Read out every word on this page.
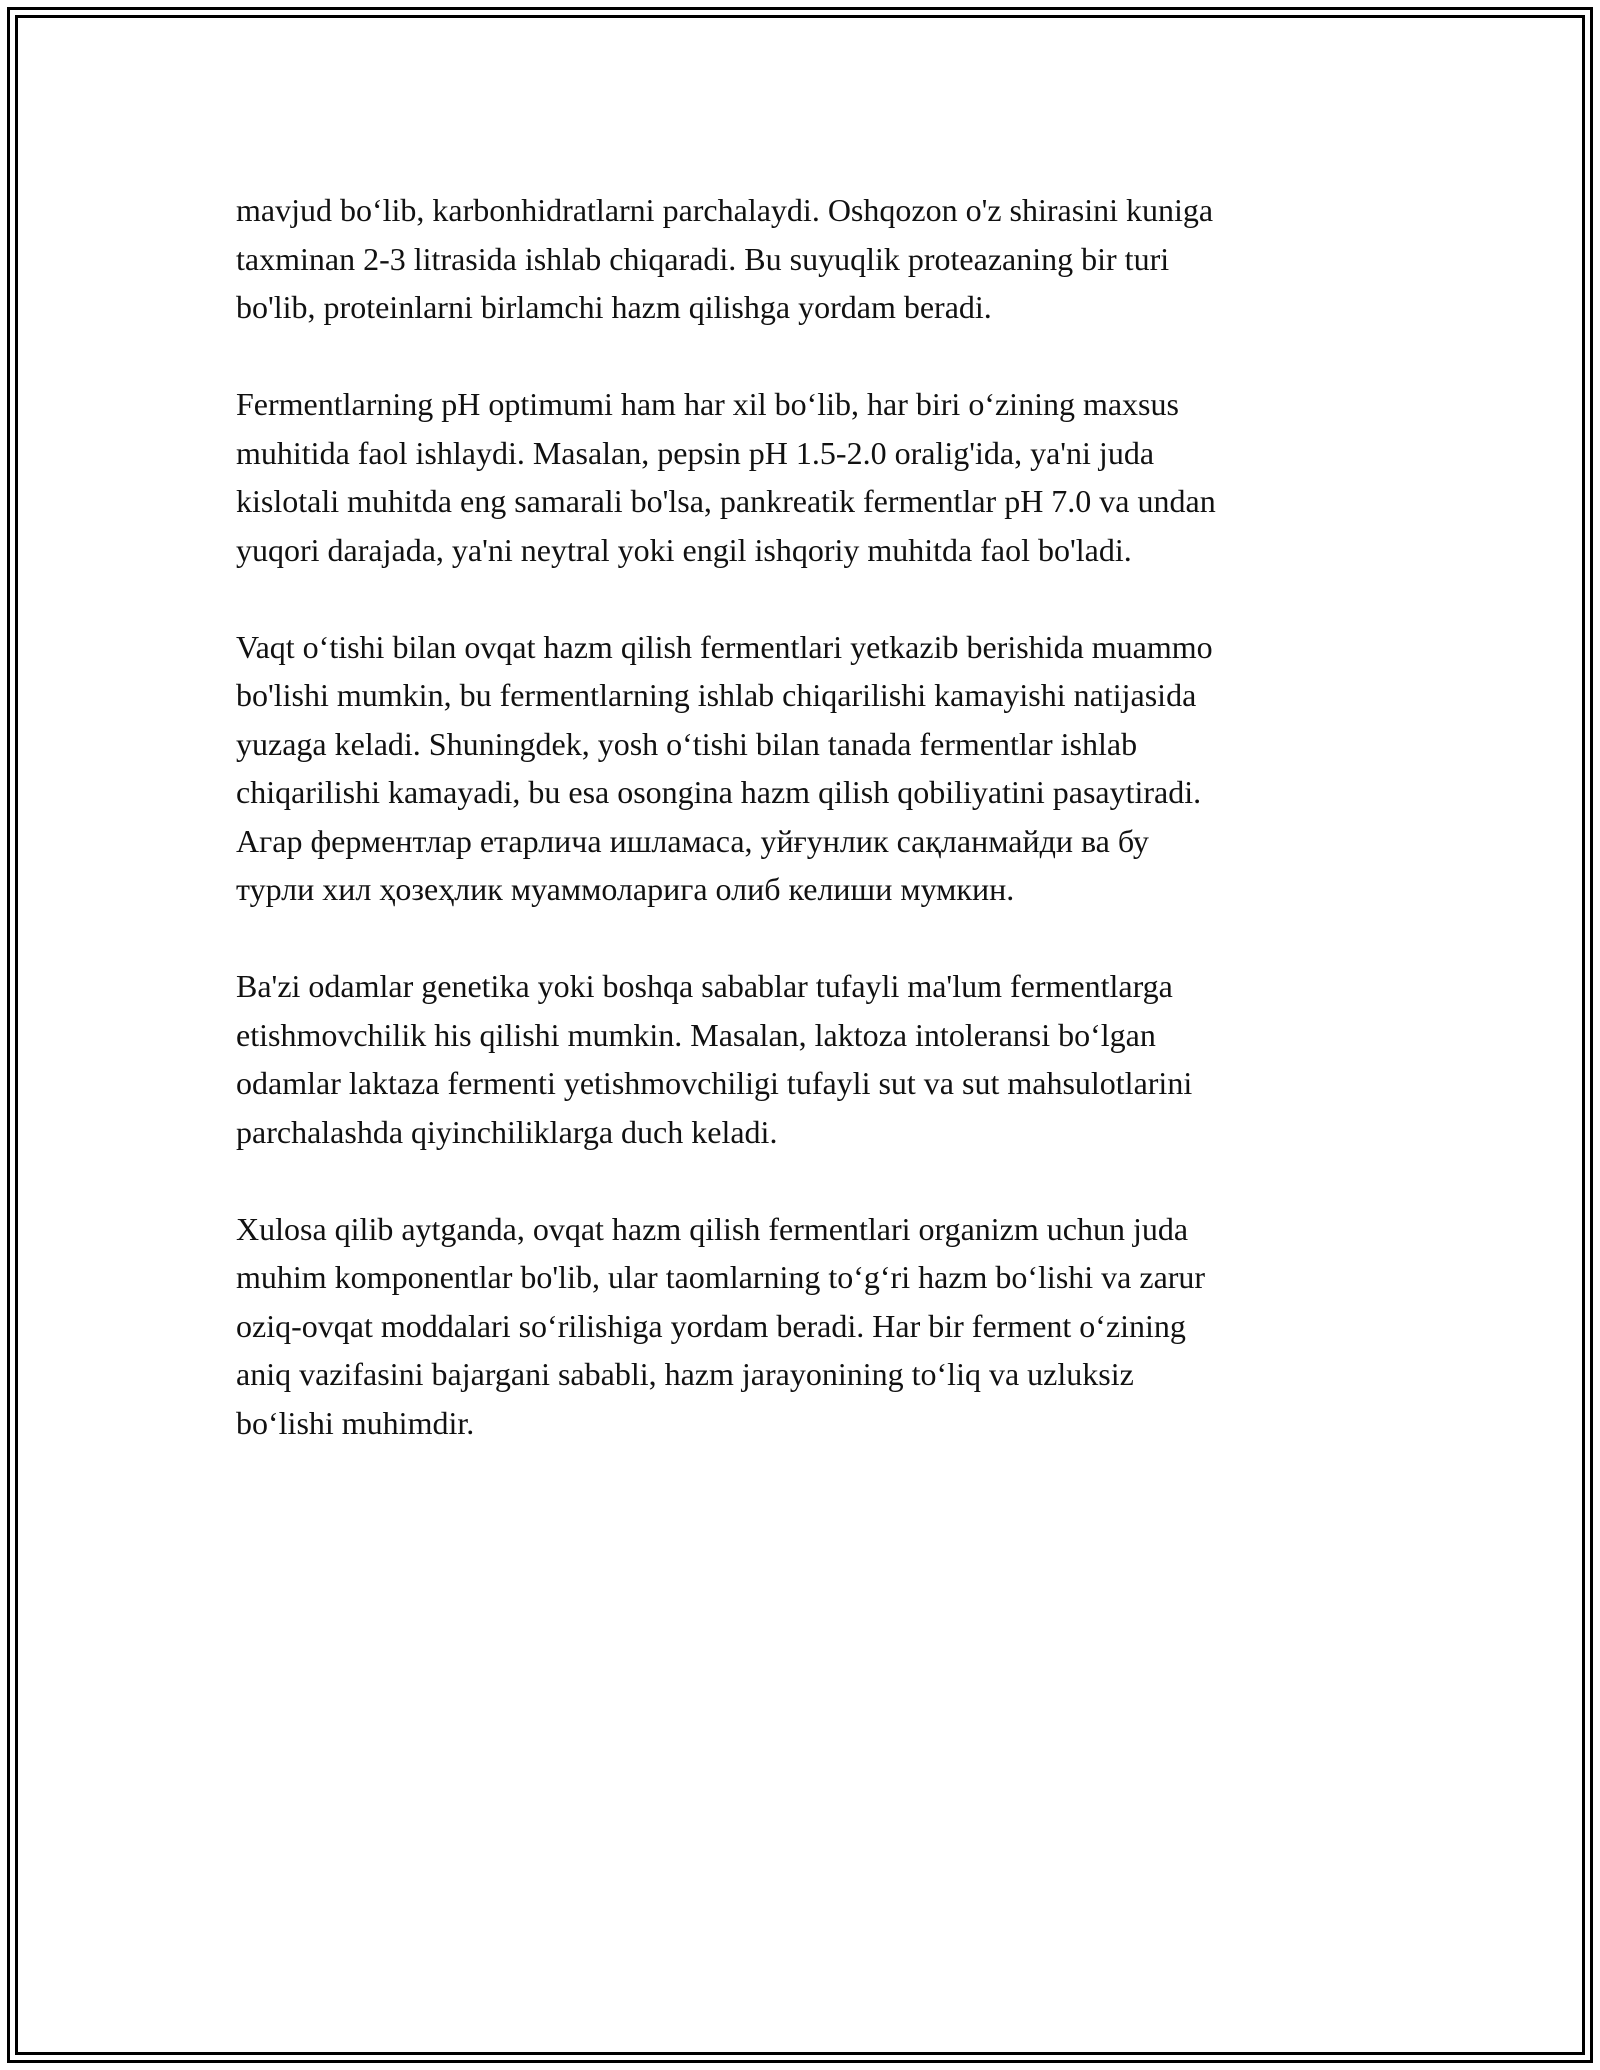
mavjud boʻlib, karbonhidratlarni parchalaydi. Oshqozon o'z shirasini kuniga
taxminan 2-3 litrasida ishlab chiqaradi. Bu suyuqlik proteazaning bir turi
bo'lib, proteinlarni birlamchi hazm qilishga yordam beradi.

Fermentlarning pH optimumi ham har xil boʻlib, har biri oʻzining maxsus
muhitida faol ishlaydi. Masalan, pepsin pH 1.5-2.0 oralig'ida, ya'ni juda
kislotali muhitda eng samarali bo'lsa, pankreatik fermentlar pH 7.0 va undan
yuqori darajada, ya'ni neytral yoki engil ishqoriy muhitda faol bo'ladi.

Vaqt oʻtishi bilan ovqat hazm qilish fermentlari yetkazib berishida muammo
bo'lishi mumkin, bu fermentlarning ishlab chiqarilishi kamayishi natijasida
yuzaga keladi. Shuningdek, yosh oʻtishi bilan tanada fermentlar ishlab
chiqarilishi kamayadi, bu esa osongina hazm qilish qobiliyatini pasaytiradi.
Агар ферментлар етарлича ишламаса, уйғунлик сақланмайди ва бу
турли хил ҳозеҳлик муаммоларига олиб келиши мумкин.

Ba'zi odamlar genetika yoki boshqa sabablar tufayli ma'lum fermentlarga
etishmovchilik his qilishi mumkin. Masalan, laktoza intoleransi boʻlgan
odamlar laktaza fermenti yetishmovchiligi tufayli sut va sut mahsulotlarini
parchalashda qiyinchiliklarga duch keladi.

Xulosa qilib aytganda, ovqat hazm qilish fermentlari organizm uchun juda
muhim komponentlar bo'lib, ular taomlarning toʻgʻri hazm boʻlishi va zarur
oziq-ovqat moddalari soʻrilishiga yordam beradi. Har bir ferment oʻzining
aniq vazifasini bajargani sababli, hazm jarayonining toʻliq va uzluksiz
boʻlishi muhimdir.
